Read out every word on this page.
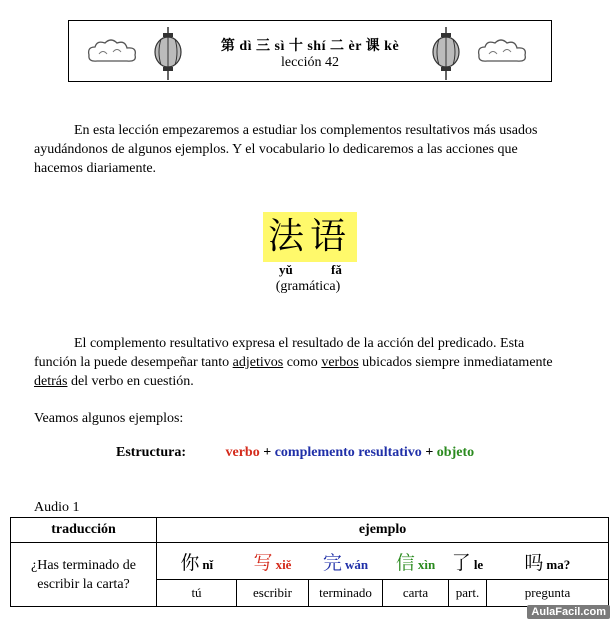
第 dì 三 sì 十 shí 二 èr 课 kè
lección 42
En esta lección empezaremos a estudiar los complementos resultativos más usados ayudándonos de algunos ejemplos. Y el vocabulario lo dedicaremos a las acciones que hacemos diariamente.
法语
yǔ	fǎ
(gramática)
El complemento resultativo expresa el resultado de la acción del predicado. Esta función la puede desempeñar tanto adjetivos como verbos ubicados siempre inmediatamente detrás del verbo en cuestión.
Veamos algunos ejemplos:
Estructura:	verbo + complemento resultativo + objeto
Audio 1
traducción	ejemplo					
¿Has terminado de escribir la carta?	你 nǐ	写 xiě	完 wán	信 xìn	了 le	吗 ma?
	tú	escribir	terminado	carta	part.	pregunta
AulaFacil.com
